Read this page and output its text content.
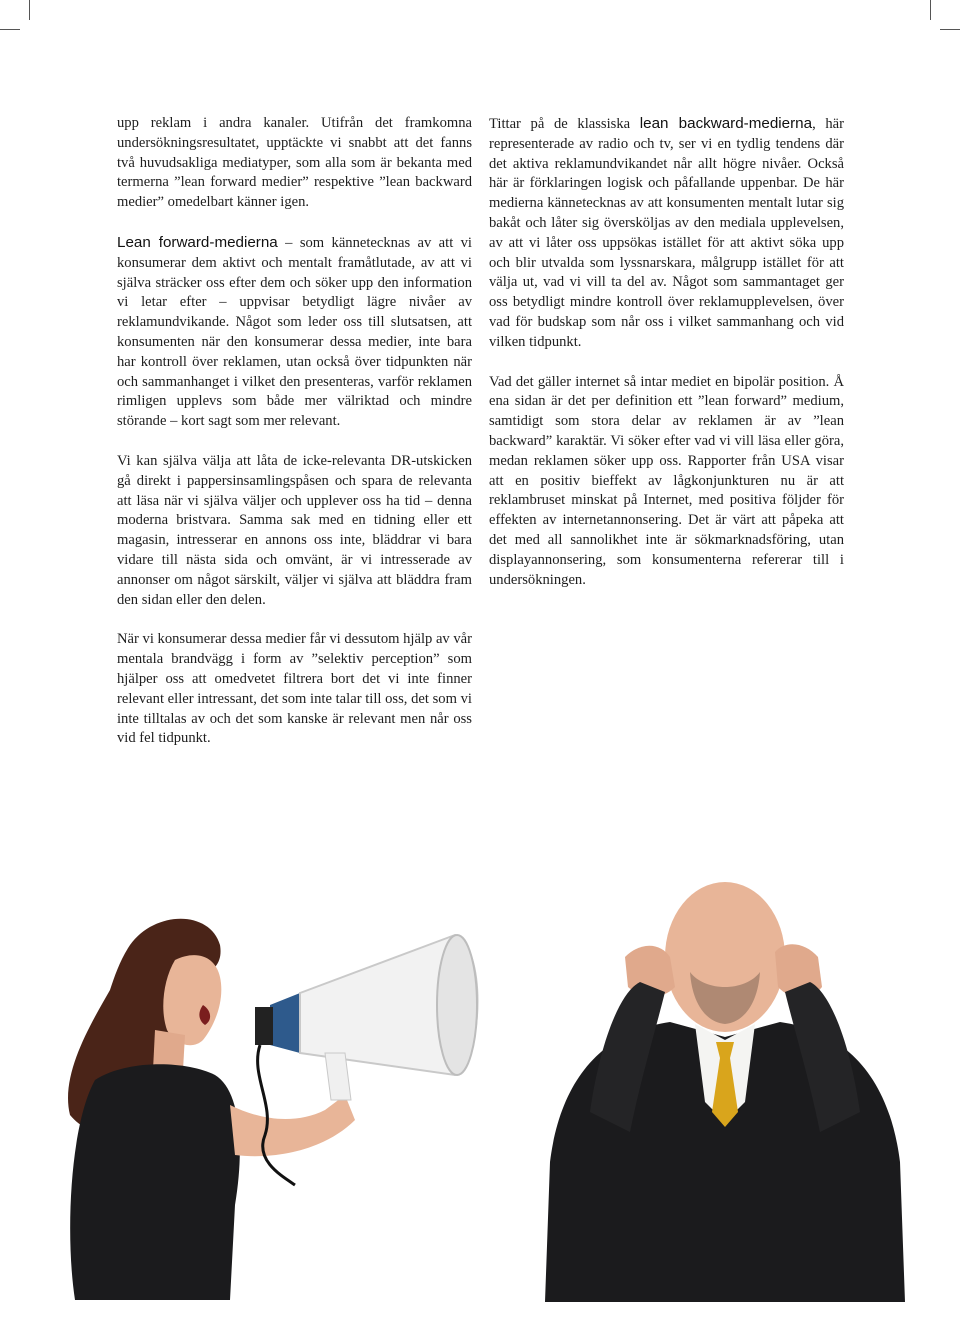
upp reklam i andra kanaler. Utifrån det framkomna undersökningsresultatet, upptäckte vi snabbt att det fanns två huvudsakliga mediatyper, som alla som är bekanta med termerna ”lean forward medier” respektive ”lean backward medier” omedelbart känner igen.

Lean forward-medierna – som kännetecknas av att vi konsumerar dem aktivt och mentalt framåtlutade, av att vi själva sträcker oss efter dem och söker upp den information vi letar efter – uppvisar betydligt lägre nivåer av reklamundvikande. Något som leder oss till slutsatsen, att konsumenten när den konsumerar dessa medier, inte bara har kontroll över reklamen, utan också över tidpunkten när och sammanhanget i vilket den presenteras, varför reklamen rimligen upplevs som både mer välriktad och mindre störande – kort sagt som mer relevant.

Vi kan själva välja att låta de icke-relevanta DR-utskicken gå direkt i pappersinsamlingspåsen och spara de relevanta att läsa när vi själva väljer och upplever oss ha tid – denna moderna bristvara. Samma sak med en tidning eller ett magasin, intresserar en annons oss inte, bläddrar vi bara vidare till nästa sida och omvänt, är vi intresserade av annonser om något särskilt, väljer vi själva att bläddra fram den sidan eller den delen.

När vi konsumerar dessa medier får vi dessutom hjälp av vår mentala brandvägg i form av ”selektiv perception” som hjälper oss att omedvetet filtrera bort det vi inte finner relevant eller intressant, det som inte talar till oss, det som vi inte tilltalas av och det som kanske är relevant men når oss vid fel tidpunkt.

Tittar på de klassiska lean backward-medierna, här representerade av radio och tv, ser vi en tydlig tendens där det aktiva reklamundvikandet når allt högre nivåer. Också här är förklaringen logisk och påfallande uppenbar. De här medierna kännetecknas av att konsumenten mentalt lutar sig bakåt och låter sig översköljas av den mediala upplevelsen, av att vi låter oss uppsökas istället för att aktivt söka upp och blir utvalda som lyssnarskara, målgrupp istället för att välja ut, vad vi vill ta del av. Något som sammantaget ger oss betydligt mindre kontroll över reklamupplevelsen, över vad för budskap som når oss i vilket sammanhang och vid vilken tidpunkt.

Vad det gäller internet så intar mediet en bipolär position. Å ena sidan är det per definition ett ”lean forward” medium, samtidigt som stora delar av reklamen är av ”lean backward” karaktär. Vi söker efter vad vi vill läsa eller göra, medan reklamen söker upp oss. Rapporter från USA visar att en positiv bieffekt av lågkonjunkturen nu är att reklambruset minskat på Internet, med positiva följder för effekten av internetannonsering. Det är värt att påpeka att det med all sannolikhet inte är sökmarknadsföring, utan displayannonsering, som konsumenterna refererar till i undersökningen.
